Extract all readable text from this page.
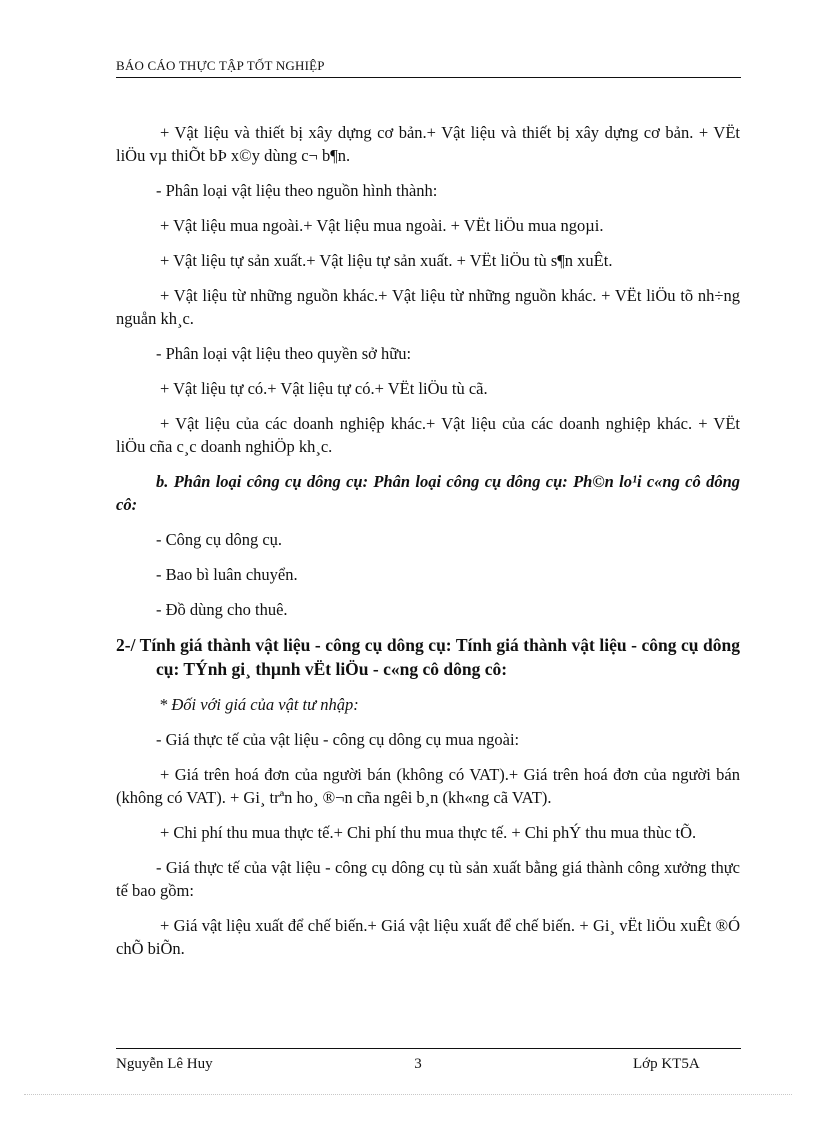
BÁO CÁO THỰC TẬP TỐT NGHIỆP

+ Vật liệu và thiết bị xây dựng cơ bản.+ Vật liệu và thiết bị xây dựng cơ bản. + VËt liÖu vµ thiÕt bÞ x©y dùng c¬ b¶n.

- Phân loại vật liệu theo nguồn hình thành:

+ Vật liệu mua ngoài.+ Vật liệu mua ngoài. + VËt liÖu mua ngoµi.

+ Vật liệu tự sản xuất.+ Vật liệu tự sản xuất. + VËt liÖu tù s¶n xuÊt.

+ Vật liệu từ những nguồn khác.+ Vật liệu từ những nguồn khác. + VËt liÖu tõ nh÷ng nguån kh¸c.

- Phân loại vật liệu theo quyền sở hữu:

+ Vật liệu tự có.+ Vật liệu tự có.+ VËt liÖu tù cã.

+ Vật liệu của các doanh nghiệp khác.+ Vật liệu của các doanh nghiệp khác. + VËt liÖu cña c¸c doanh nghiÖp kh¸c.

b. Phân loại công cụ dông cụ: Phân loại công cụ dông cụ: Ph©n lo¹i c«ng cô dông cô:

- Công cụ dông cụ.

- Bao bì luân chuyển.

- Đồ dùng cho thuê.

2-/ Tính giá thành vật liệu - công cụ dông cụ: Tính giá thành vật liệu - công cụ dông cụ: TÝnh gi¸ thµnh vËt liÖu - c«ng cô dông cô:

* Đối với giá của vật tư nhập:

- Giá thực tế của vật liệu - công cụ dông cụ mua ngoài:

+ Giá trên hoá đơn của người bán (không có VAT).+ Giá trên hoá đơn của người bán (không có VAT). + Gi¸ trªn ho¸ ®¬n cña ngêi b¸n (kh«ng cã VAT).

+ Chi phí thu mua thực tế.+ Chi phí thu mua thực tế. + Chi phÝ thu mua thùc tÕ.

- Giá thực tế của vật liệu - công cụ dông cụ tù sản xuất bằng giá thành công xưởng thực tế bao gồm:

+ Giá vật liệu xuất để chế biến.+ Giá vật liệu xuất để chế biến. + Gi¸ vËt liÖu xuÊt ®Ó chÕ biÕn.

Nguyễn Lê Huy	3	Lớp KT5A
